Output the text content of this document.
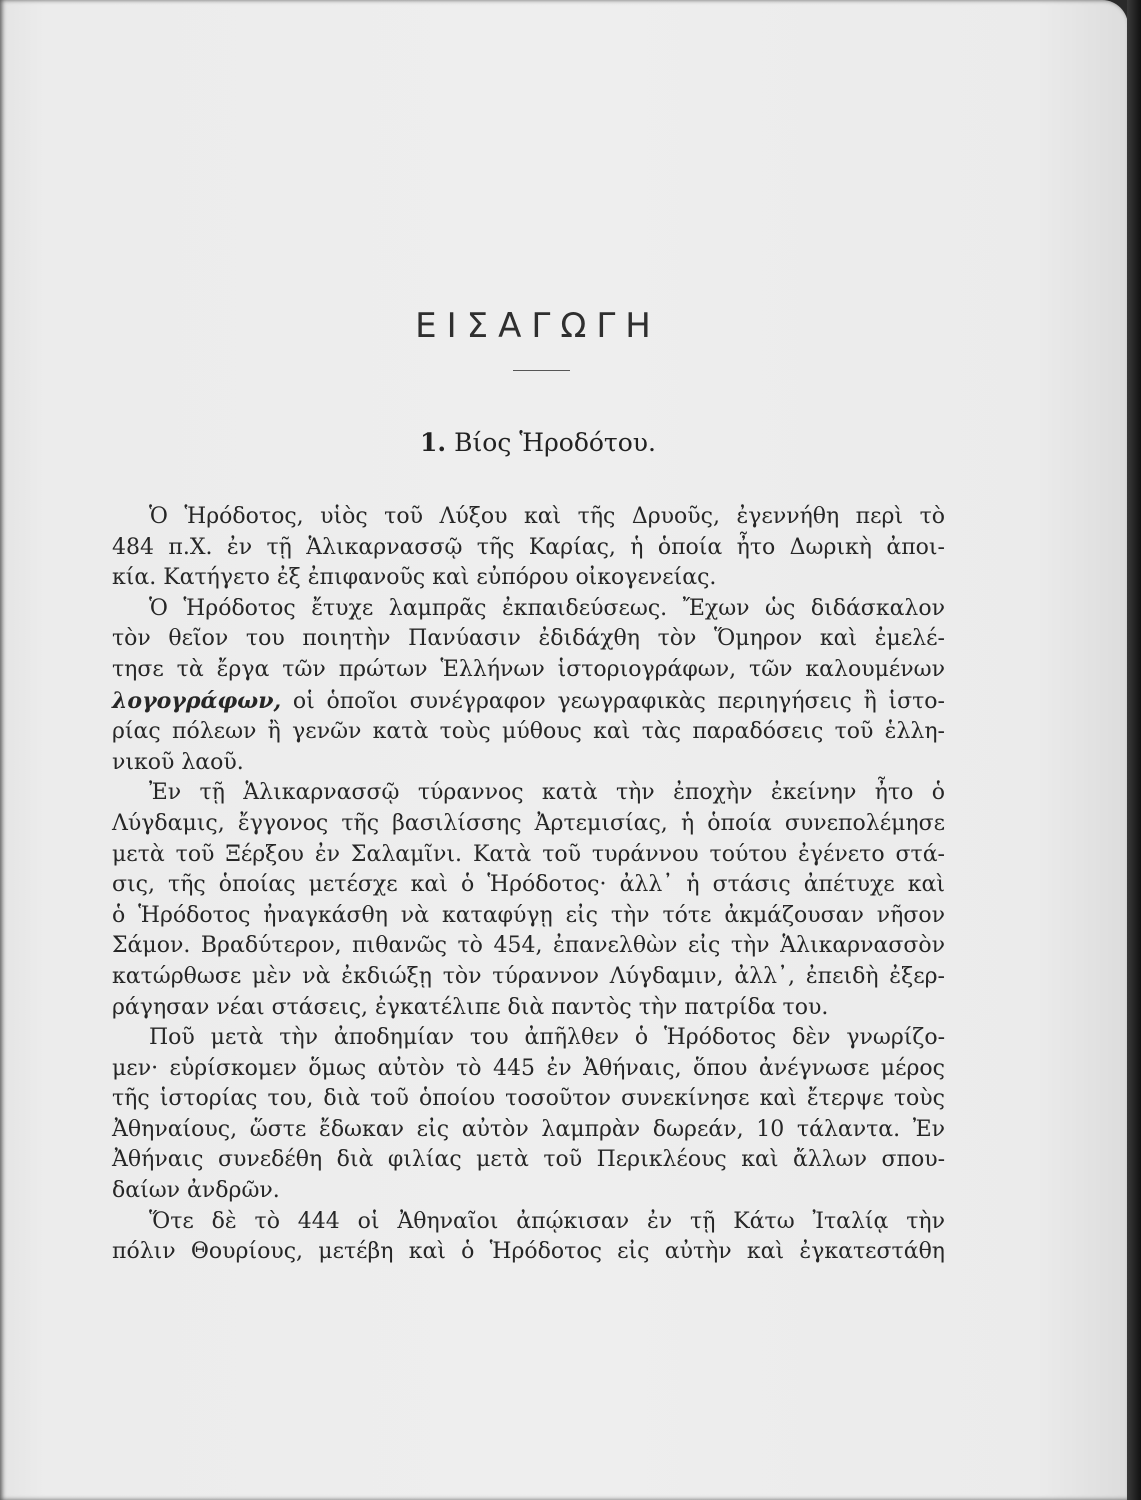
ΕΙΣΑΓΩΓΗ
1. Βίος Ἡροδότου.
Ὁ Ἡρόδοτος, υἱὸς τοῦ Λύξου καὶ τῆς Δρυοῦς, ἐγεννήθη περὶ τὸ
484 π.Χ. ἐν τῇ Ἁλικαρνασσῷ τῆς Καρίας, ἡ ὁποία ἦτο Δωρικὴ ἀποι-
κία. Κατήγετο ἐξ ἐπιφανοῦς καὶ εὐπόρου οἰκογενείας.
Ὁ Ἡρόδοτος ἔτυχε λαμπρᾶς ἐκπαιδεύσεως. Ἔχων ὡς διδάσκαλον
τὸν θεῖον του ποιητὴν Πανύασιν ἐδιδάχθη τὸν Ὅμηρον καὶ ἐμελέ-
τησε τὰ ἔργα τῶν πρώτων Ἑλλήνων ἱστοριογράφων, τῶν καλουμένων
λογογράφων, οἱ ὁποῖοι συνέγραφον γεωγραφικὰς περιηγήσεις ἢ ἱστο-
ρίας πόλεων ἢ γενῶν κατὰ τοὺς μύθους καὶ τὰς παραδόσεις τοῦ ἑλλη-
νικοῦ λαοῦ.
Ἐν τῇ Ἁλικαρνασσῷ τύραννος κατὰ τὴν ἐποχὴν ἐκείνην ἦτο ὁ
Λύγδαμις, ἔγγονος τῆς βασιλίσσης Ἀρτεμισίας, ἡ ὁποία συνεπολέμησε
μετὰ τοῦ Ξέρξου ἐν Σαλαμῖνι. Κατὰ τοῦ τυράννου τούτου ἐγένετο στά-
σις, τῆς ὁποίας μετέσχε καὶ ὁ Ἡρόδοτος· ἀλλ᾽ ἡ στάσις ἀπέτυχε καὶ
ὁ Ἡρόδοτος ἠναγκάσθη νὰ καταφύγῃ εἰς τὴν τότε ἀκμάζουσαν νῆσον
Σάμον. Βραδύτερον, πιθανῶς τὸ 454, ἐπανελθὼν εἰς τὴν Ἁλικαρνασσὸν
κατώρθωσε μὲν νὰ ἐκδιώξῃ τὸν τύραννον Λύγδαμιν, ἀλλ᾽, ἐπειδὴ ἐξερ-
ράγησαν νέαι στάσεις, ἐγκατέλιπε διὰ παντὸς τὴν πατρίδα του.
Ποῦ μετὰ τὴν ἀποδημίαν του ἀπῆλθεν ὁ Ἡρόδοτος δὲν γνωρίζο-
μεν· εὑρίσκομεν ὅμως αὐτὸν τὸ 445 ἐν Ἀθήναις, ὅπου ἀνέγνωσε μέρος
τῆς ἱστορίας του, διὰ τοῦ ὁποίου τοσοῦτον συνεκίνησε καὶ ἔτερψε τοὺς
Ἀθηναίους, ὥστε ἔδωκαν εἰς αὐτὸν λαμπρὰν δωρεάν, 10 τάλαντα. Ἐν
Ἀθήναις συνεδέθη διὰ φιλίας μετὰ τοῦ Περικλέους καὶ ἄλλων σπου-
δαίων ἀνδρῶν.
Ὅτε δὲ τὸ 444 οἱ Ἀθηναῖοι ἀπῴκισαν ἐν τῇ Κάτω Ἰταλίᾳ τὴν
πόλιν Θουρίους, μετέβη καὶ ὁ Ἡρόδοτος εἰς αὐτὴν καὶ ἐγκατεστάθη
